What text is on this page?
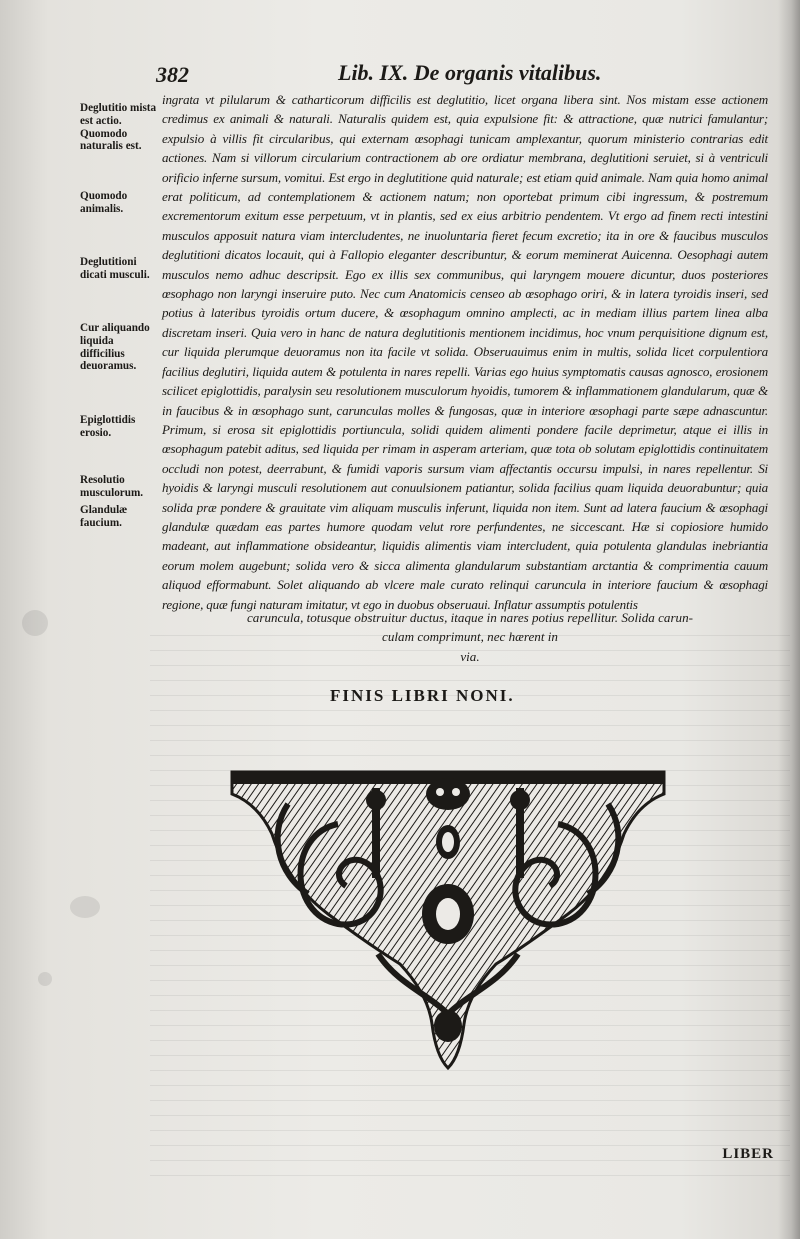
382	Lib. IX. De organis vitalibus.
Deglutitio mista est actio. Quomodo naturalis est.
Quomodo animalis.
Deglutitioni dicati musculi.
Cur aliquando liquida difficilius deuoramus.
Epiglottidis erosio.
Resolutio musculorum.
Glandulæ faucium.

ingrata vt pilularum & catharticorum difficilis est deglutitio, licet organa libera sint. Nos mistam esse actionem credimus ex animali & naturali. Naturalis quidem est, quia expulsione fit: & attractione, quæ nutrici famulantur; expulsio à villis fit circularibus, qui externam œsophagi tunicam amplexantur, quorum ministerio contrarias edit actiones. Nam si villorum circularium contractionem ab ore ordiatur membrana, deglutitioni seruiet, si à ventriculi orificio inferne sursum, vomitui. Est ergo in deglutitione quid naturale; est etiam quid animale. Nam quia homo animal erat politicum, ad contemplationem & actionem natum; non oportebat primum cibi ingressum, & postremum excrementorum exitum esse perpetuum, vt in plantis, sed ex eius arbitrio pendentem. Vt ergo ad finem recti intestini musculos apposuit natura viam intercludentes, ne inuoluntaria fieret fecum excretio; ita in ore & faucibus musculos deglutitioni dicatos locauit, qui à Fallopio eleganter describuntur, & eorum meminerat Auicenna. Oesophagi autem musculos nemo adhuc descripsit. Ego ex illis sex communibus, qui laryngem mouere dicuntur, duos posteriores œsophago non laryngi inseruire puto. Nec cum Anatomicis censeo ab œsophago oriri, & in latera tyroidis inseri, sed potius à lateribus tyroidis ortum ducere, & œsophagum omnino amplecti, ac in mediam illius partem linea alba discretam inseri. Quia vero in hanc de natura deglutitionis mentionem incidimus, hoc vnum perquisitione dignum est, cur liquida plerumque deuoramus non ita facile vt solida. Obseruauimus enim in multis, solida licet corpulentiora facilius deglutiri, liquida autem & potulenta in nares repelli. Varias ego huius symptomatis causas agnosco, erosionem scilicet epiglottidis, paralysin seu resolutionem musculorum hyoidis, tumorem & inflammationem glandularum, quæ & in faucibus & in œsophago sunt, carunculas molles & fungosas, quæ in interiore œsophagi parte sæpe adnascuntur. Primum, si erosa sit epiglottidis portiuncula, solidi quidem alimenti pondere facile deprimetur, atque ei illis in œsophagum patebit aditus, sed liquida per rimam in asperam arteriam, quæ tota ob solutam epiglottidis continuitatem occludi non potest, deerrabunt, & fumidi vaporis sursum viam affectantis occursu impulsi, in nares repellentur. Si hyoidis & laryngi musculi resolutionem aut conuulsionem patiantur, solida facilius quam liquida deuorabuntur; quia solida præ pondere & grauitate vim aliquam musculis inferunt, liquida non item. Sunt ad latera faucium & œsophagi glandulæ quædam eas partes humore quodam velut rore perfundentes, ne siccescant. Hæ si copiosiore humido madeant, aut inflammatione obsideantur, liquidis alimentis viam intercludent, quia potulenta glandulas inebriantia eorum molem augebunt; solida vero & sicca alimenta glandularum substantiam arctantia & comprimentia cauum aliquod efformabunt. Solet aliquando ab vlcere male curato relinqui caruncula in interiore faucium & œsophagi regione, quæ fungi naturam imitatur, vt ego in duobus obseruaui. Inflatur assumptis potulentis

caruncula, totusque obstruitur ductus, itaque in nares potius repellitur. Solida carun-
culam comprimunt, nec hærent in
via.
FINIS LIBRI NONI.
LIBER
